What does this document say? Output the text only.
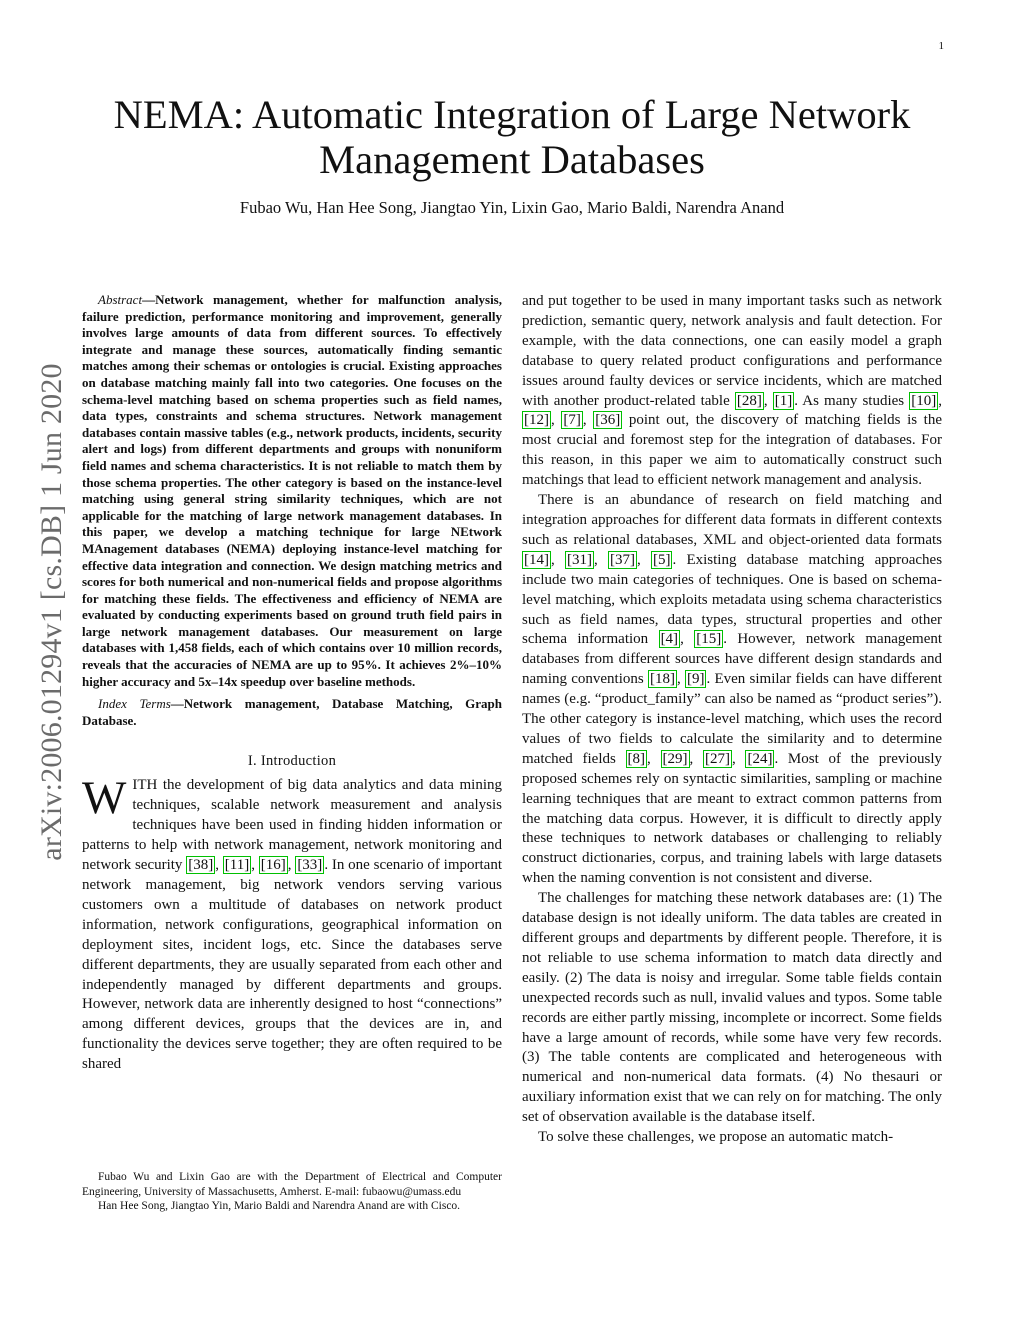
1
arXiv:2006.01294v1 [cs.DB] 1 Jun 2020
NEMA: Automatic Integration of Large Network
Management Databases
Fubao Wu, Han Hee Song, Jiangtao Yin, Lixin Gao, Mario Baldi, Narendra Anand

Abstract—Network management, whether for malfunction analysis, failure prediction, performance monitoring and improvement, generally involves large amounts of data from different sources. To effectively integrate and manage these sources, automatically finding semantic matches among their schemas or ontologies is crucial. Existing approaches on database matching mainly fall into two categories. One focuses on the schema-level matching based on schema properties such as field names, data types, constraints and schema structures. Network management databases contain massive tables (e.g., network products, incidents, security alert and logs) from different departments and groups with nonuniform field names and schema characteristics. It is not reliable to match them by those schema properties. The other category is based on the instance-level matching using general string similarity techniques, which are not applicable for the matching of large network management databases. In this paper, we develop a matching technique for large NEtwork MAnagement databases (NEMA) deploying instance-level matching for effective data integration and connection. We design matching metrics and scores for both numerical and non-numerical fields and propose algorithms for matching these fields. The effectiveness and efficiency of NEMA are evaluated by conducting experiments based on ground truth field pairs in large network management databases. Our measurement on large databases with 1,458 fields, each of which contains over 10 million records, reveals that the accuracies of NEMA are up to 95%. It achieves 2%–10% higher accuracy and 5x–14x speedup over baseline methods.

Index Terms—Network management, Database Matching, Graph Database.

I. Introduction

WITH the development of big data analytics and data mining techniques, scalable network measurement and analysis techniques have been used in finding hidden information or patterns to help with network management, network monitoring and network security [38] , [11] , [16] , [33] . In one scenario of important network management, big network vendors serving various customers own a multitude of databases on network product information, network configurations, geographical information on deployment sites, incident logs, etc. Since the databases serve different departments, they are usually separated from each other and independently managed by different departments and groups. However, network data are inherently designed to host “connections” among different devices, groups that the devices are in, and functionality the devices serve together; they are often required to be shared

and put together to be used in many important tasks such as network prediction, semantic query, network analysis and fault detection. For example, with the data connections, one can easily model a graph database to query related product configurations and performance issues around faulty devices or service incidents, which are matched with another product-related table [28] , [1] . As many studies [10] , [12] , [7] , [36] point out, the discovery of matching fields is the most crucial and foremost step for the integration of databases. For this reason, in this paper we aim to automatically construct such matchings that lead to efficient network management and analysis.

There is an abundance of research on field matching and integration approaches for different data formats in different contexts such as relational databases, XML and object-oriented data formats [14] , [31] , [37] , [5] . Existing database matching approaches include two main categories of techniques. One is based on schema-level matching, which exploits metadata using schema characteristics such as field names, data types, structural properties and other schema information [4] , [15] . However, network management databases from different sources have different design standards and naming conventions [18] , [9] . Even similar fields can have different names (e.g. “product_family” can also be named as “product series”). The other category is instance-level matching, which uses the record values of two fields to calculate the similarity and to determine matched fields [8] , [29] , [27] , [24] . Most of the previously proposed schemes rely on syntactic similarities, sampling or machine learning techniques that are meant to extract common patterns from the matching data corpus. However, it is difficult to directly apply these techniques to network databases or challenging to reliably construct dictionaries, corpus, and training labels with large datasets when the naming convention is not consistent and diverse.

The challenges for matching these network databases are: (1) The database design is not ideally uniform. The data tables are created in different groups and departments by different people. Therefore, it is not reliable to use schema information to match data directly and easily. (2) The data is noisy and irregular. Some table fields contain unexpected records such as null, invalid values and typos. Some table records are either partly missing, incomplete or incorrect. Some fields have a large amount of records, while some have very few records. (3) The table contents are complicated and heterogeneous with numerical and non-numerical data formats. (4) No thesauri or auxiliary information exist that we can rely on for matching. The only set of observation available is the database itself.

To solve these challenges, we propose an automatic match-

Fubao Wu and Lixin Gao are with the Department of Electrical and Computer Engineering, University of Massachusetts, Amherst. E-mail: fubaowu@umass.edu

Han Hee Song, Jiangtao Yin, Mario Baldi and Narendra Anand are with Cisco.
